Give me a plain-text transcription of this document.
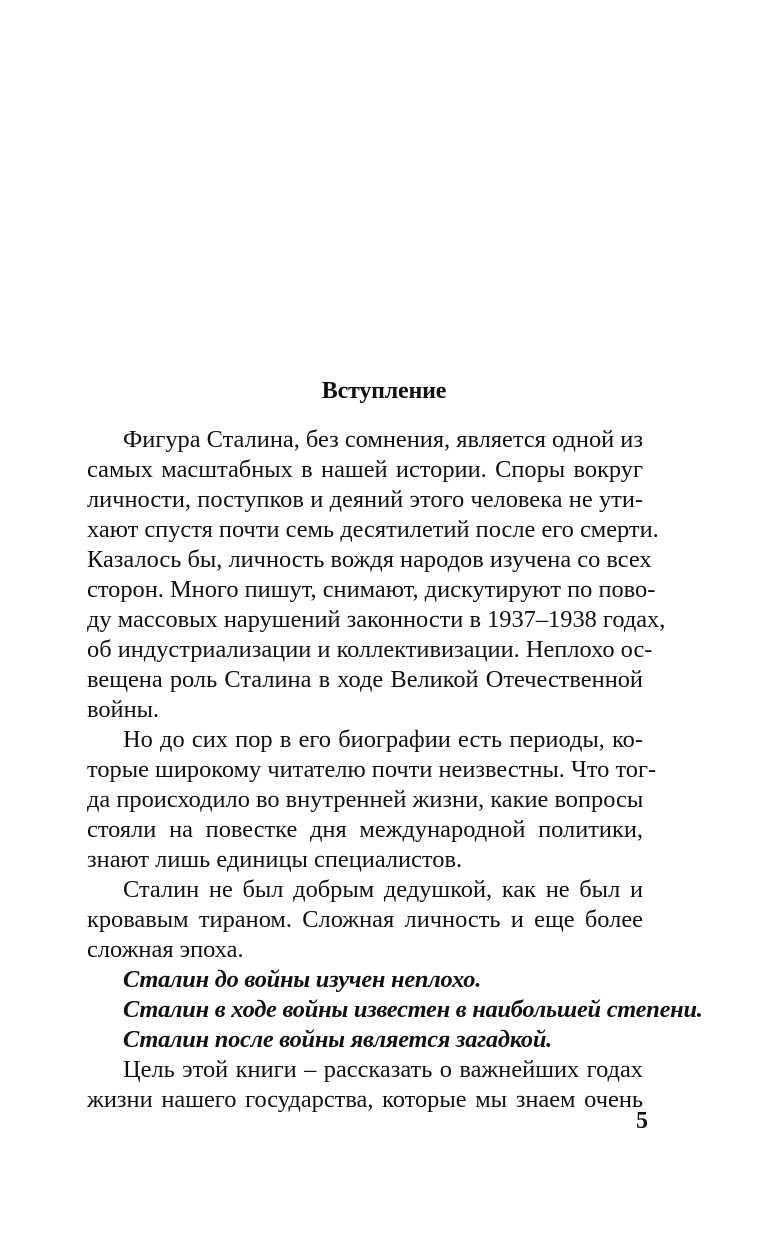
Вступление

Фигура Сталина, без сомнения, является одной из
самых масштабных в нашей истории. Споры вокруг
личности, поступков и деяний этого человека не ути-
хают спустя почти семь десятилетий после его смерти.
Казалось бы, личность вождя народов изучена со всех
сторон. Много пишут, снимают, дискутируют по пово-
ду массовых нарушений законности в 1937–1938 годах,
об индустриализации и коллективизации. Неплохо ос-
вещена роль Сталина в ходе Великой Отечественной
войны.

Но до сих пор в его биографии есть периоды, ко-
торые широкому читателю почти неизвестны. Что тог-
да происходило во внутренней жизни, какие вопросы
стояли на повестке дня международной политики,
знают лишь единицы специалистов.

Сталин не был добрым дедушкой, как не был и
кровавым тираном. Сложная личность и еще более
сложная эпоха.

Сталин до войны изучен неплохо.

Сталин в ходе войны известен в наибольшей степени.

Сталин после войны является загадкой.

Цель этой книги – рассказать о важнейших годах
жизни нашего государства, которые мы знаем очень

5
